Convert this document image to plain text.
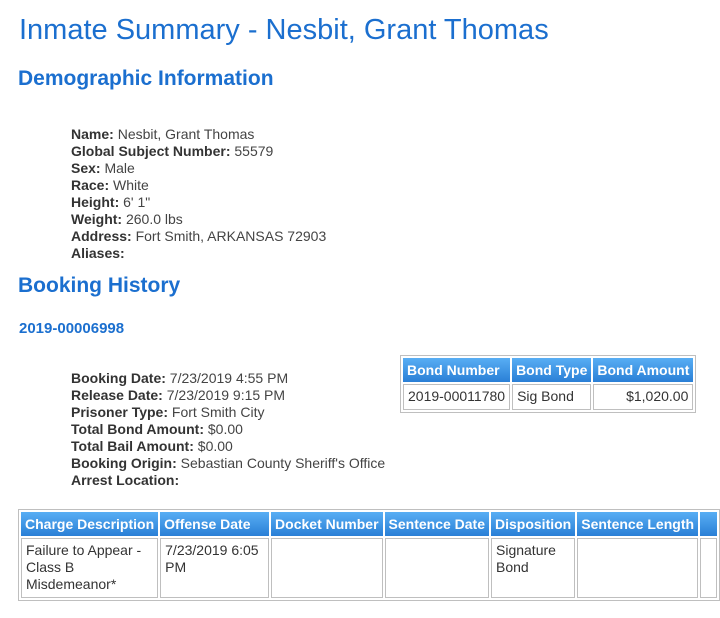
Inmate Summary - Nesbit, Grant Thomas
Demographic Information
Name: Nesbit, Grant Thomas
Global Subject Number: 55579
Sex: Male
Race: White
Height: 6' 1"
Weight: 260.0 lbs
Address: Fort Smith, ARKANSAS 72903
Aliases:
Booking History
2019-00006998
Booking Date: 7/23/2019 4:55 PM
Release Date: 7/23/2019 9:15 PM
Prisoner Type: Fort Smith City
Total Bond Amount: $0.00
Total Bail Amount: $0.00
Booking Origin: Sebastian County Sheriff's Office
Arrest Location:
Bond Number	Bond Type	Bond Amount
2019-00011780	Sig Bond	$1,020.00
Charge Description	Offense Date	Docket Number	Sentence Date	Disposition	Sentence Length	
Failure to Appear - Class B Misdemeanor*	7/23/2019 6:05 PM			Signature Bond		
